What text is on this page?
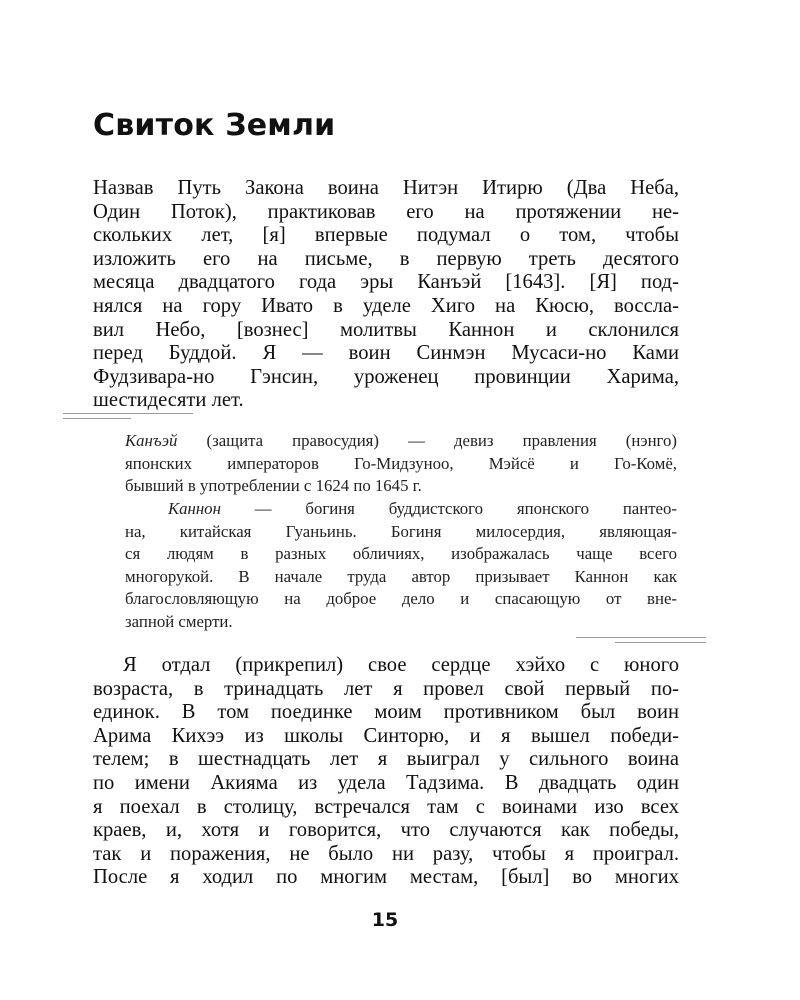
Свиток Земли

Назвав Путь Закона воина Нитэн Итирю (Два Неба,
Один Поток), практиковав его на протяжении не-
скольких лет, [я] впервые подумал о том, чтобы
изложить его на письме, в первую треть десятого
месяца двадцатого года эры Канъэй [1643]. [Я] под-
нялся на гору Ивато в уделе Хиго на Кюсю, восcла-
вил Небо, [вознес] молитвы Каннон и склонился
перед Буддой. Я — воин Синмэн Мусаси-но Ками
Фудзивара-но Гэнсин, уроженец провинции Харима,
шестидесяти лет.

Канъэй (защита правосудия) — девиз правления (нэнго)
японских императоров Го-Мидзуноо, Мэйсё и Го-Комё,
бывший в употреблении с 1624 по 1645 г.

Каннон — богиня буддистского японского пантео-
на, китайская Гуаньинь. Богиня милосердия, являющая-
ся людям в разных обличиях, изображалась чаще всего
многорукой. В начале труда автор призывает Каннон как
благословляющую на доброе дело и спасающую от вне-
запной смерти.

Я отдал (прикрепил) свое сердце хэйхо с юного
возраста, в тринадцать лет я провел свой первый по-
единок. В том поединке моим противником был воин
Арима Кихээ из школы Синторю, и я вышел победи-
телем; в шестнадцать лет я выиграл у сильного воина
по имени Акияма из удела Тадзима. В двадцать один
я поехал в столицу, встречался там с воинами изо всех
краев, и, хотя и говорится, что случаются как победы,
так и поражения, не было ни разу, чтобы я проиграл.
После я ходил по многим местам, [был] во многих

15
